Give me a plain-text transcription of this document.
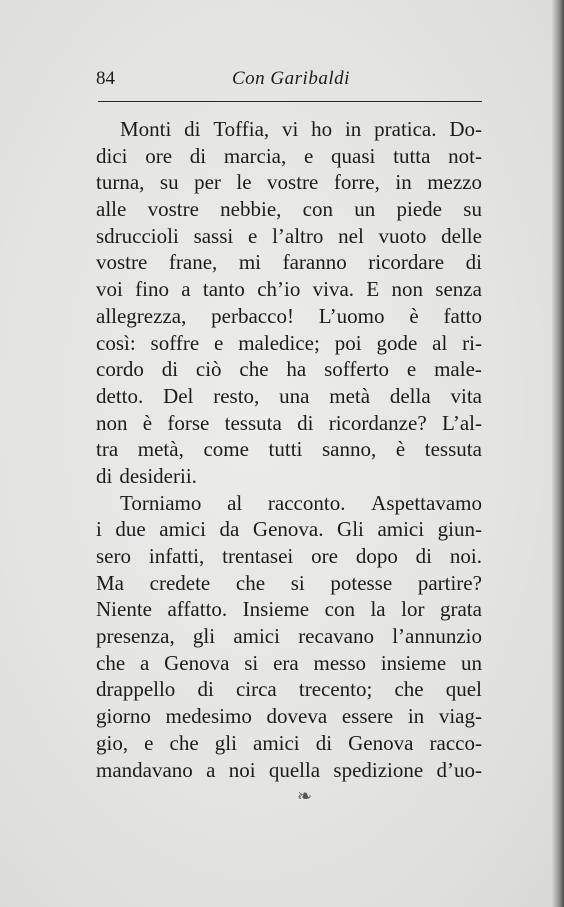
84	Con Garibaldi
Monti di Toffia, vi ho in pratica. Do-
dici ore di marcia, e quasi tutta not-
turna, su per le vostre forre, in mezzo
alle vostre nebbie, con un piede su
sdruccioli sassi e l’altro nel vuoto delle
vostre frane, mi faranno ricordare di
voi fino a tanto ch’io viva. E non senza
allegrezza, perbacco! L’uomo è fatto
così: soffre e maledice; poi gode al ri-
cordo di ciò che ha sofferto e male-
detto. Del resto, una metà della vita
non è forse tessuta di ricordanze? L’al-
tra metà, come tutti sanno, è tessuta
di desiderii.
Torniamo al racconto. Aspettavamo
i due amici da Genova. Gli amici giun-
sero infatti, trentasei ore dopo di noi.
Ma credete che si potesse partire?
Niente affatto. Insieme con la lor grata
presenza, gli amici recavano l’annunzio
che a Genova si era messo insieme un
drappello di circa trecento; che quel
giorno medesimo doveva essere in viag-
gio, e che gli amici di Genova racco-
mandavano a noi quella spedizione d’uo-
❧
